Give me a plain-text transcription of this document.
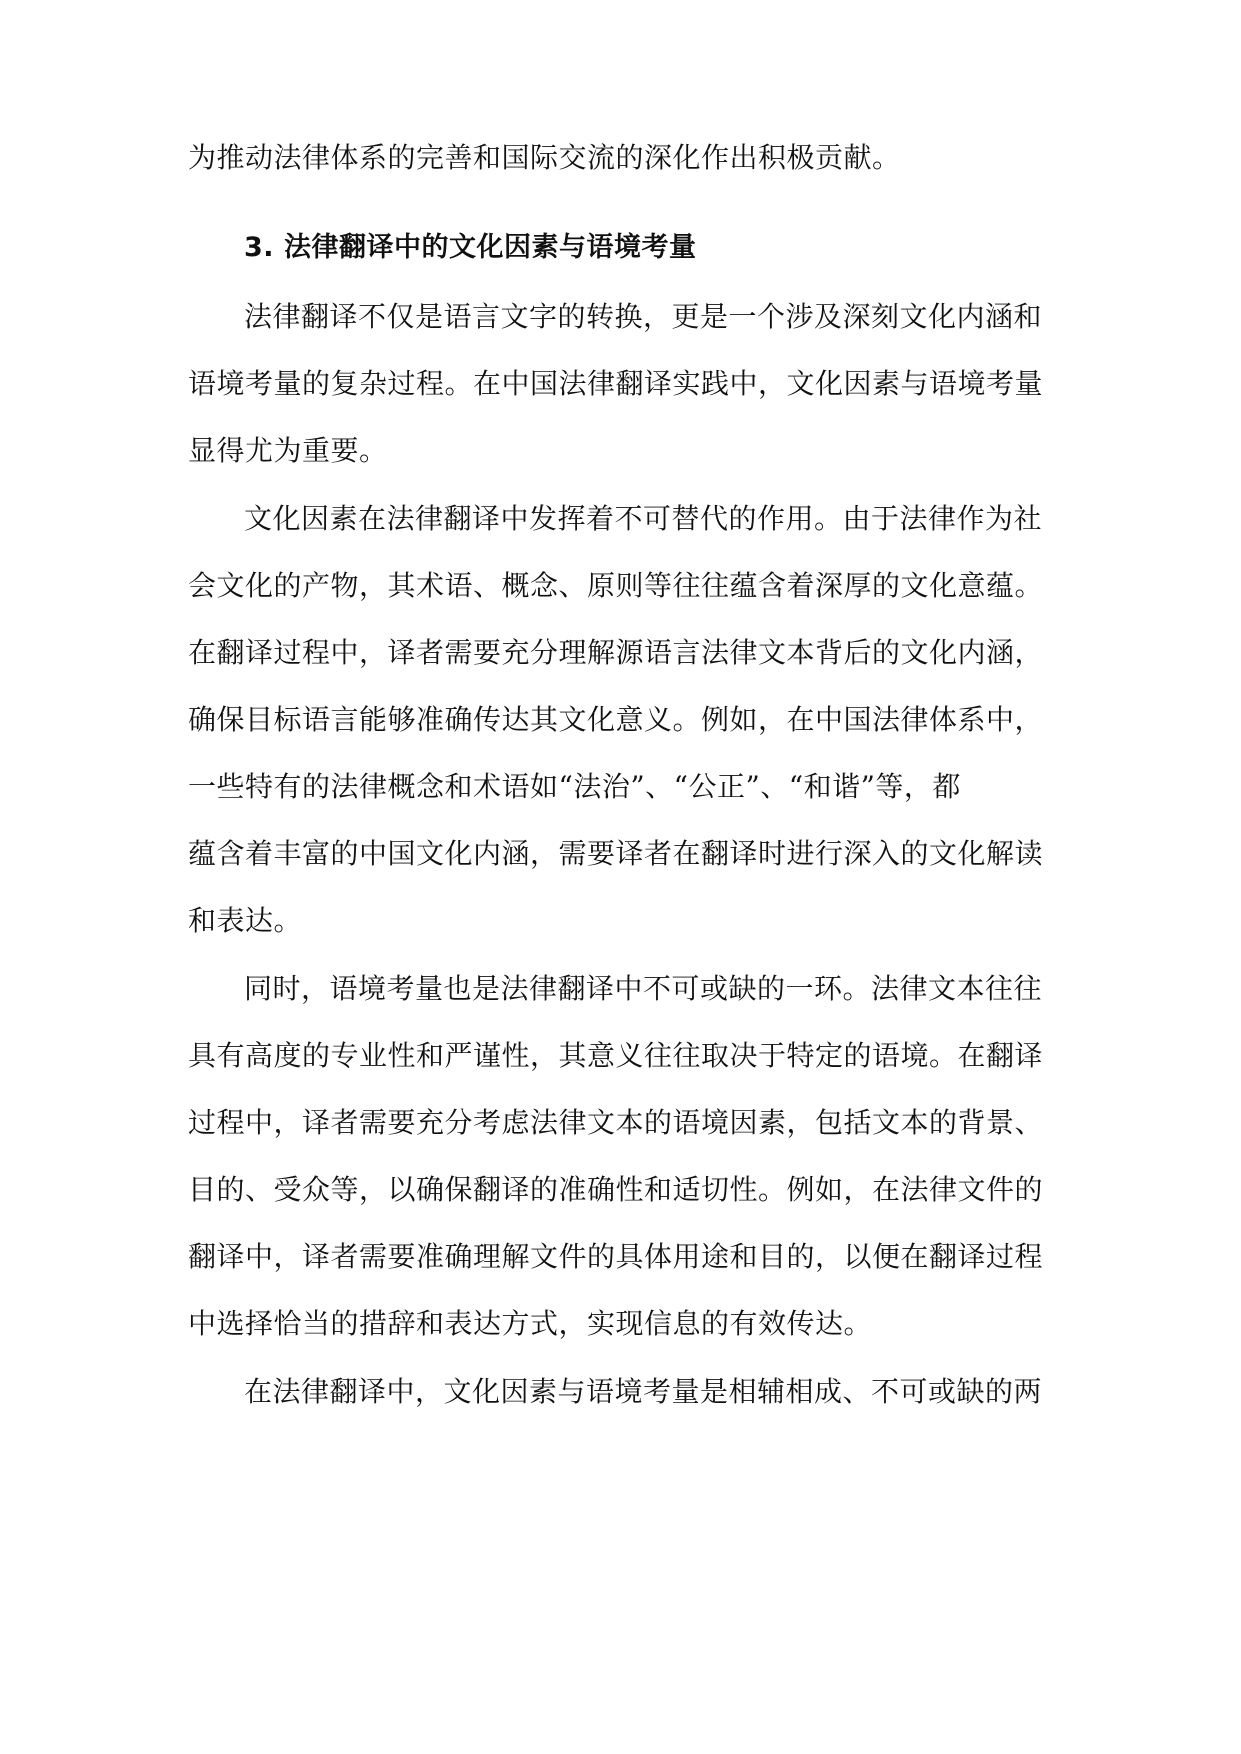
为推动法律体系的完善和国际交流的深化作出积极贡献。
3. 法律翻译中的文化因素与语境考量
法律翻译不仅是语言文字的转换，更是一个涉及深刻文化内涵和
语境考量的复杂过程。在中国法律翻译实践中，文化因素与语境考量
显得尤为重要。
文化因素在法律翻译中发挥着不可替代的作用。由于法律作为社
会文化的产物，其术语、概念、原则等往往蕴含着深厚的文化意蕴。
在翻译过程中，译者需要充分理解源语言法律文本背后的文化内涵，
确保目标语言能够准确传达其文化意义。例如，在中国法律体系中，
一些特有的法律概念和术语如“法治”、“公正”、“和谐”等，都
蕴含着丰富的中国文化内涵，需要译者在翻译时进行深入的文化解读
和表达。
同时，语境考量也是法律翻译中不可或缺的一环。法律文本往往
具有高度的专业性和严谨性，其意义往往取决于特定的语境。在翻译
过程中，译者需要充分考虑法律文本的语境因素，包括文本的背景、
目的、受众等，以确保翻译的准确性和适切性。例如，在法律文件的
翻译中，译者需要准确理解文件的具体用途和目的，以便在翻译过程
中选择恰当的措辞和表达方式，实现信息的有效传达。
在法律翻译中，文化因素与语境考量是相辅相成、不可或缺的两
